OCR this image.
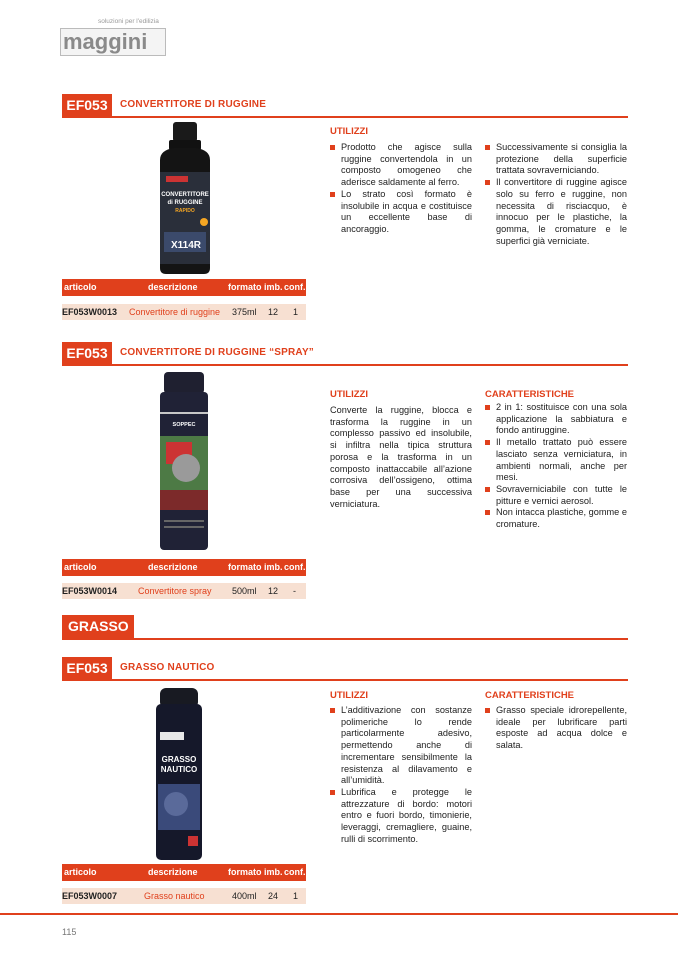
soluzioni per l'edilizia
maggini
EF053	CONVERTITORE DI RUGGINE
CONVERTITORE
di RUGGINE
RAPIDO
X114R
articolo	descrizione	formato imb. conf.
EF053W0013 Convertitore di ruggine 375ml 12 1
UTILIZZI
Prodotto che agisce sulla ruggine convertendola in un composto omogeneo che aderisce saldamente al ferro.
Lo strato così formato è insolubile in acqua e costituisce un eccellente base di ancoraggio.
Successivamente si consiglia la protezione della superficie trattata sovraverniciando.
Il convertitore di ruggine agisce solo su ferro e ruggine, non necessita di risciacquo, è innocuo per le plastiche, la gomma, le cromature e le superfici già verniciate.
EF053	CONVERTITORE DI RUGGINE “SPRAY”
SOPPEC
articolo	descrizione	formato imb. conf.
EF053W0014 Convertitore spray 500ml 12 -
UTILIZZI
Converte la ruggine, blocca e trasforma la ruggine in un complesso passivo ed insolubile, si infiltra nella tipica struttura porosa e la trasforma in un composto inattaccabile all’azione corrosiva dell’ossigeno, ottima base per una successiva verniciatura.
CARATTERISTICHE
2 in 1: sostituisce con una sola applicazione la sabbiatura e fondo antiruggine.
Il metallo trattato può essere lasciato senza verniciatura, in ambienti normali, anche per mesi.
Sovraverniciabile con tutte le pitture e vernici aerosol.
Non intacca plastiche, gomme e cromature.
GRASSO
EF053	GRASSO NAUTICO
GRASSO
NAUTICO
articolo	descrizione	formato imb. conf.
EF053W0007	Grasso nautico	400ml 24 1
UTILIZZI
L’additivazione con sostanze polimeriche lo rende particolarmente adesivo, permettendo anche di incrementare sensibilmente la resistenza al dilavamento e all’umidità.
Lubrifica e protegge le attrezzature di bordo: motori entro e fuori bordo, timonierie, leveraggi, cremagliere, guaine, rulli di scorrimento.
CARATTERISTICHE
Grasso speciale idrorepellente, ideale per lubrificare parti esposte ad acqua dolce e salata.
115
